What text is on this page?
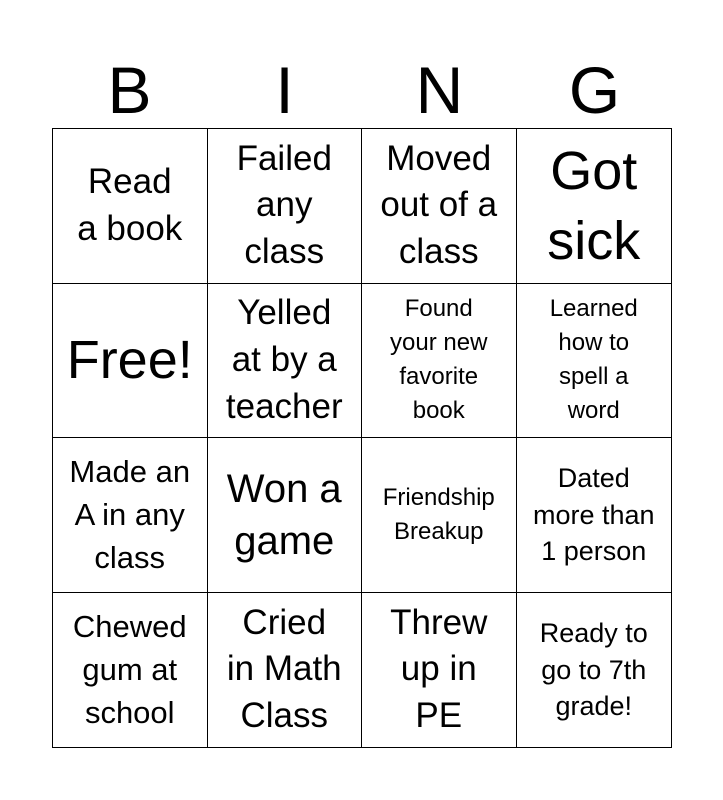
B	I	N	G
Read
a book
Failed
any
class
Moved
out of a
class
Got
sick
Free!
Yelled
at by a
teacher
Found
your new
favorite
book
Learned
how to
spell a
word
Made an
A in any
class
Won a
game
Friendship
Breakup
Dated
more than
1 person
Chewed
gum at
school
Cried
in Math
Class
Threw
up in
PE
Ready to
go to 7th
grade!
